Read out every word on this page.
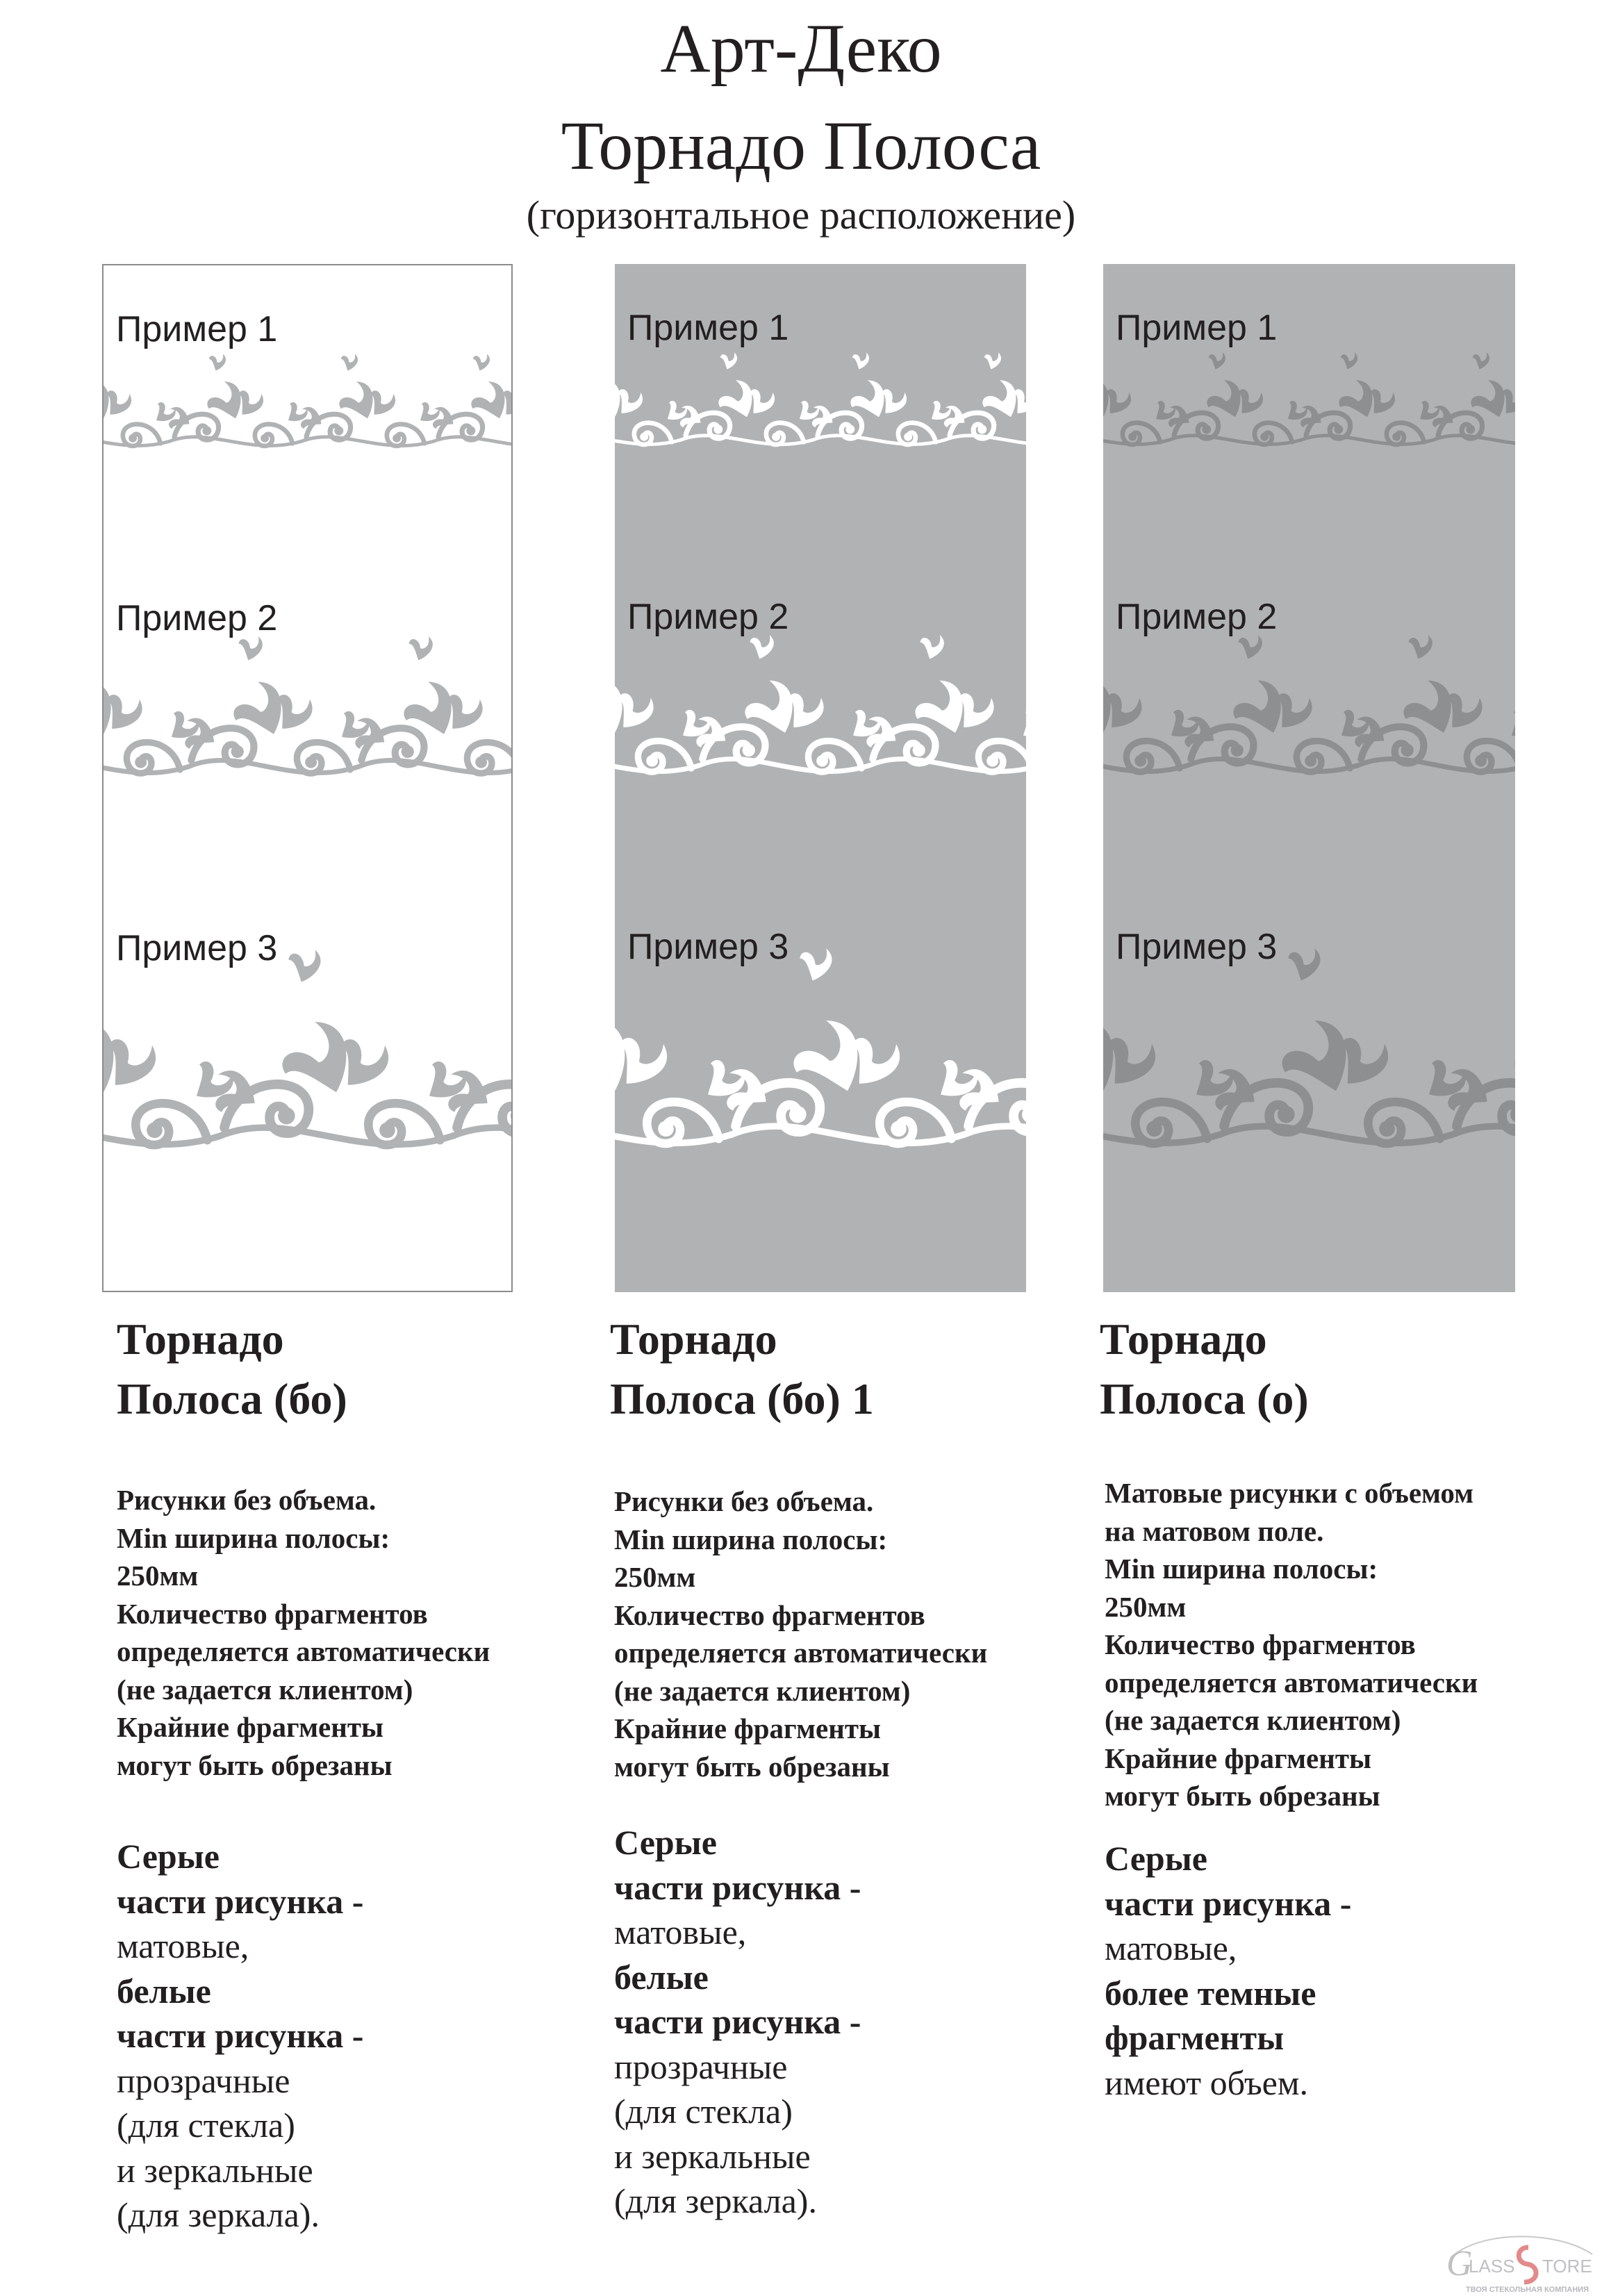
Арт-Деко
Торнадо Полоса
(горизонтальное расположение)
Пример 1
Пример 2
Пример 3
Пример 1
Пример 2
Пример 3
Пример 1
Пример 2
Пример 3
Торнадо
Полоса (бо)
Рисунки без объема.
Min ширина полосы:
250мм
Количество фрагментов
определяется автоматически
(не задается клиентом)
Крайние фрагменты
могут быть обрезаны
Серые
части рисунка -
матовые,
белые
части рисунка -
прозрачные
(для стекла)
и зеркальные
(для зеркала).
Торнадо
Полоса (бо) 1
Рисунки без объема.
Min ширина полосы:
250мм
Количество фрагментов
определяется автоматически
(не задается клиентом)
Крайние фрагменты
могут быть обрезаны
Серые
части рисунка -
матовые,
белые
части рисунка -
прозрачные
(для стекла)
и зеркальные
(для зеркала).
Торнадо
Полоса (о)
Матовые рисунки с объемом
на матовом поле.
Min ширина полосы:
250мм
Количество фрагментов
определяется автоматически
(не задается клиентом)
Крайние фрагменты
могут быть обрезаны
Серые
части рисунка -
матовые,
более темные
фрагменты
имеют объем.
G
LASS TORE
ТВОЯ СТЕКОЛЬНАЯ КОМПАНИЯ
